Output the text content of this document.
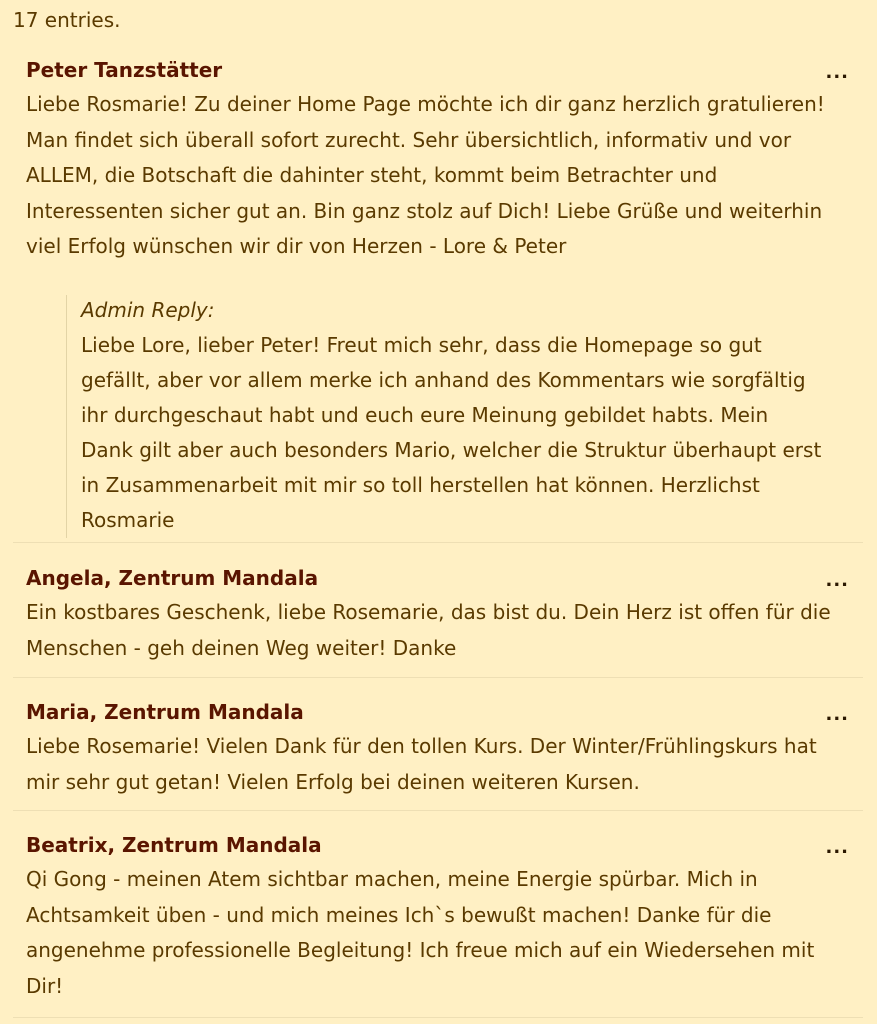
17 entries.
Peter Tanzstätter	...
Liebe Rosmarie! Zu deiner Home Page möchte ich dir ganz herzlich gratulieren!
Man findet sich überall sofort zurecht. Sehr übersichtlich, informativ und vor
ALLEM, die Botschaft die dahinter steht, kommt beim Betrachter und
Interessenten sicher gut an. Bin ganz stolz auf Dich! Liebe Grüße und weiterhin
viel Erfolg wünschen wir dir von Herzen - Lore & Peter
Admin Reply:
Liebe Lore, lieber Peter! Freut mich sehr, dass die Homepage so gut
gefällt, aber vor allem merke ich anhand des Kommentars wie sorgfältig
ihr durchgeschaut habt und euch eure Meinung gebildet habts. Mein
Dank gilt aber auch besonders Mario, welcher die Struktur überhaupt erst
in Zusammenarbeit mit mir so toll herstellen hat können. Herzlichst
Rosmarie
Angela, Zentrum Mandala	...
Ein kostbares Geschenk, liebe Rosemarie, das bist du. Dein Herz ist offen für die
Menschen - geh deinen Weg weiter! Danke
Maria, Zentrum Mandala	...
Liebe Rosemarie! Vielen Dank für den tollen Kurs. Der Winter/Frühlingskurs hat
mir sehr gut getan! Vielen Erfolg bei deinen weiteren Kursen.
Beatrix, Zentrum Mandala	...
Qi Gong - meinen Atem sichtbar machen, meine Energie spürbar. Mich in
Achtsamkeit üben - und mich meines Ich`s bewußt machen! Danke für die
angenehme professionelle Begleitung! Ich freue mich auf ein Wiedersehen mit
Dir!
